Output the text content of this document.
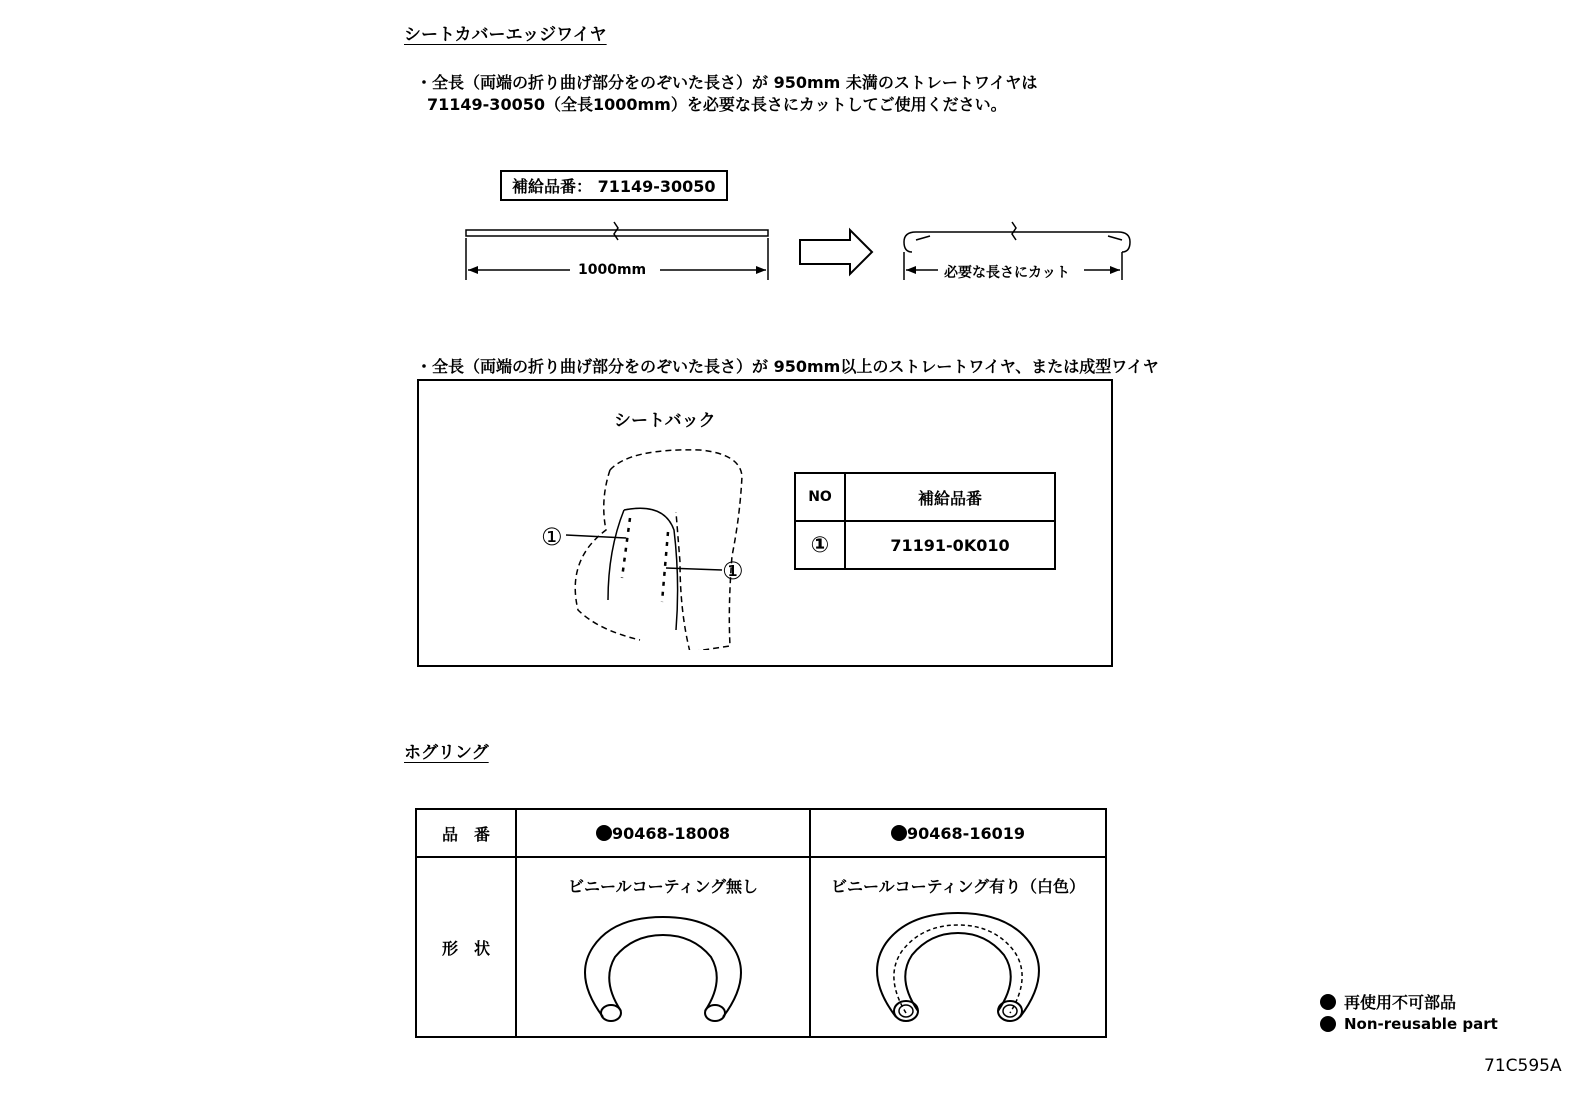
シートカバーエッジワイヤ
・全長（両端の折り曲げ部分をのぞいた長さ）が 950mm 未満のストレートワイヤは
71149-30050（全長1000mm）を必要な長さにカットしてご使用ください。
補給品番： 71149-30050
1000mm	必要な長さにカット
・全長（両端の折り曲げ部分をのぞいた長さ）が 950mm以上のストレートワイヤ、または成型ワイヤ
シートバック
①
①
NO	補給品番
①	71191-0K010
ホグリング
品　番	90468-18008	90468-16019
形　状	ビニールコーティング無し	ビニールコーティング有り（白色）
再使用不可部品
Non-reusable part
71C595A
